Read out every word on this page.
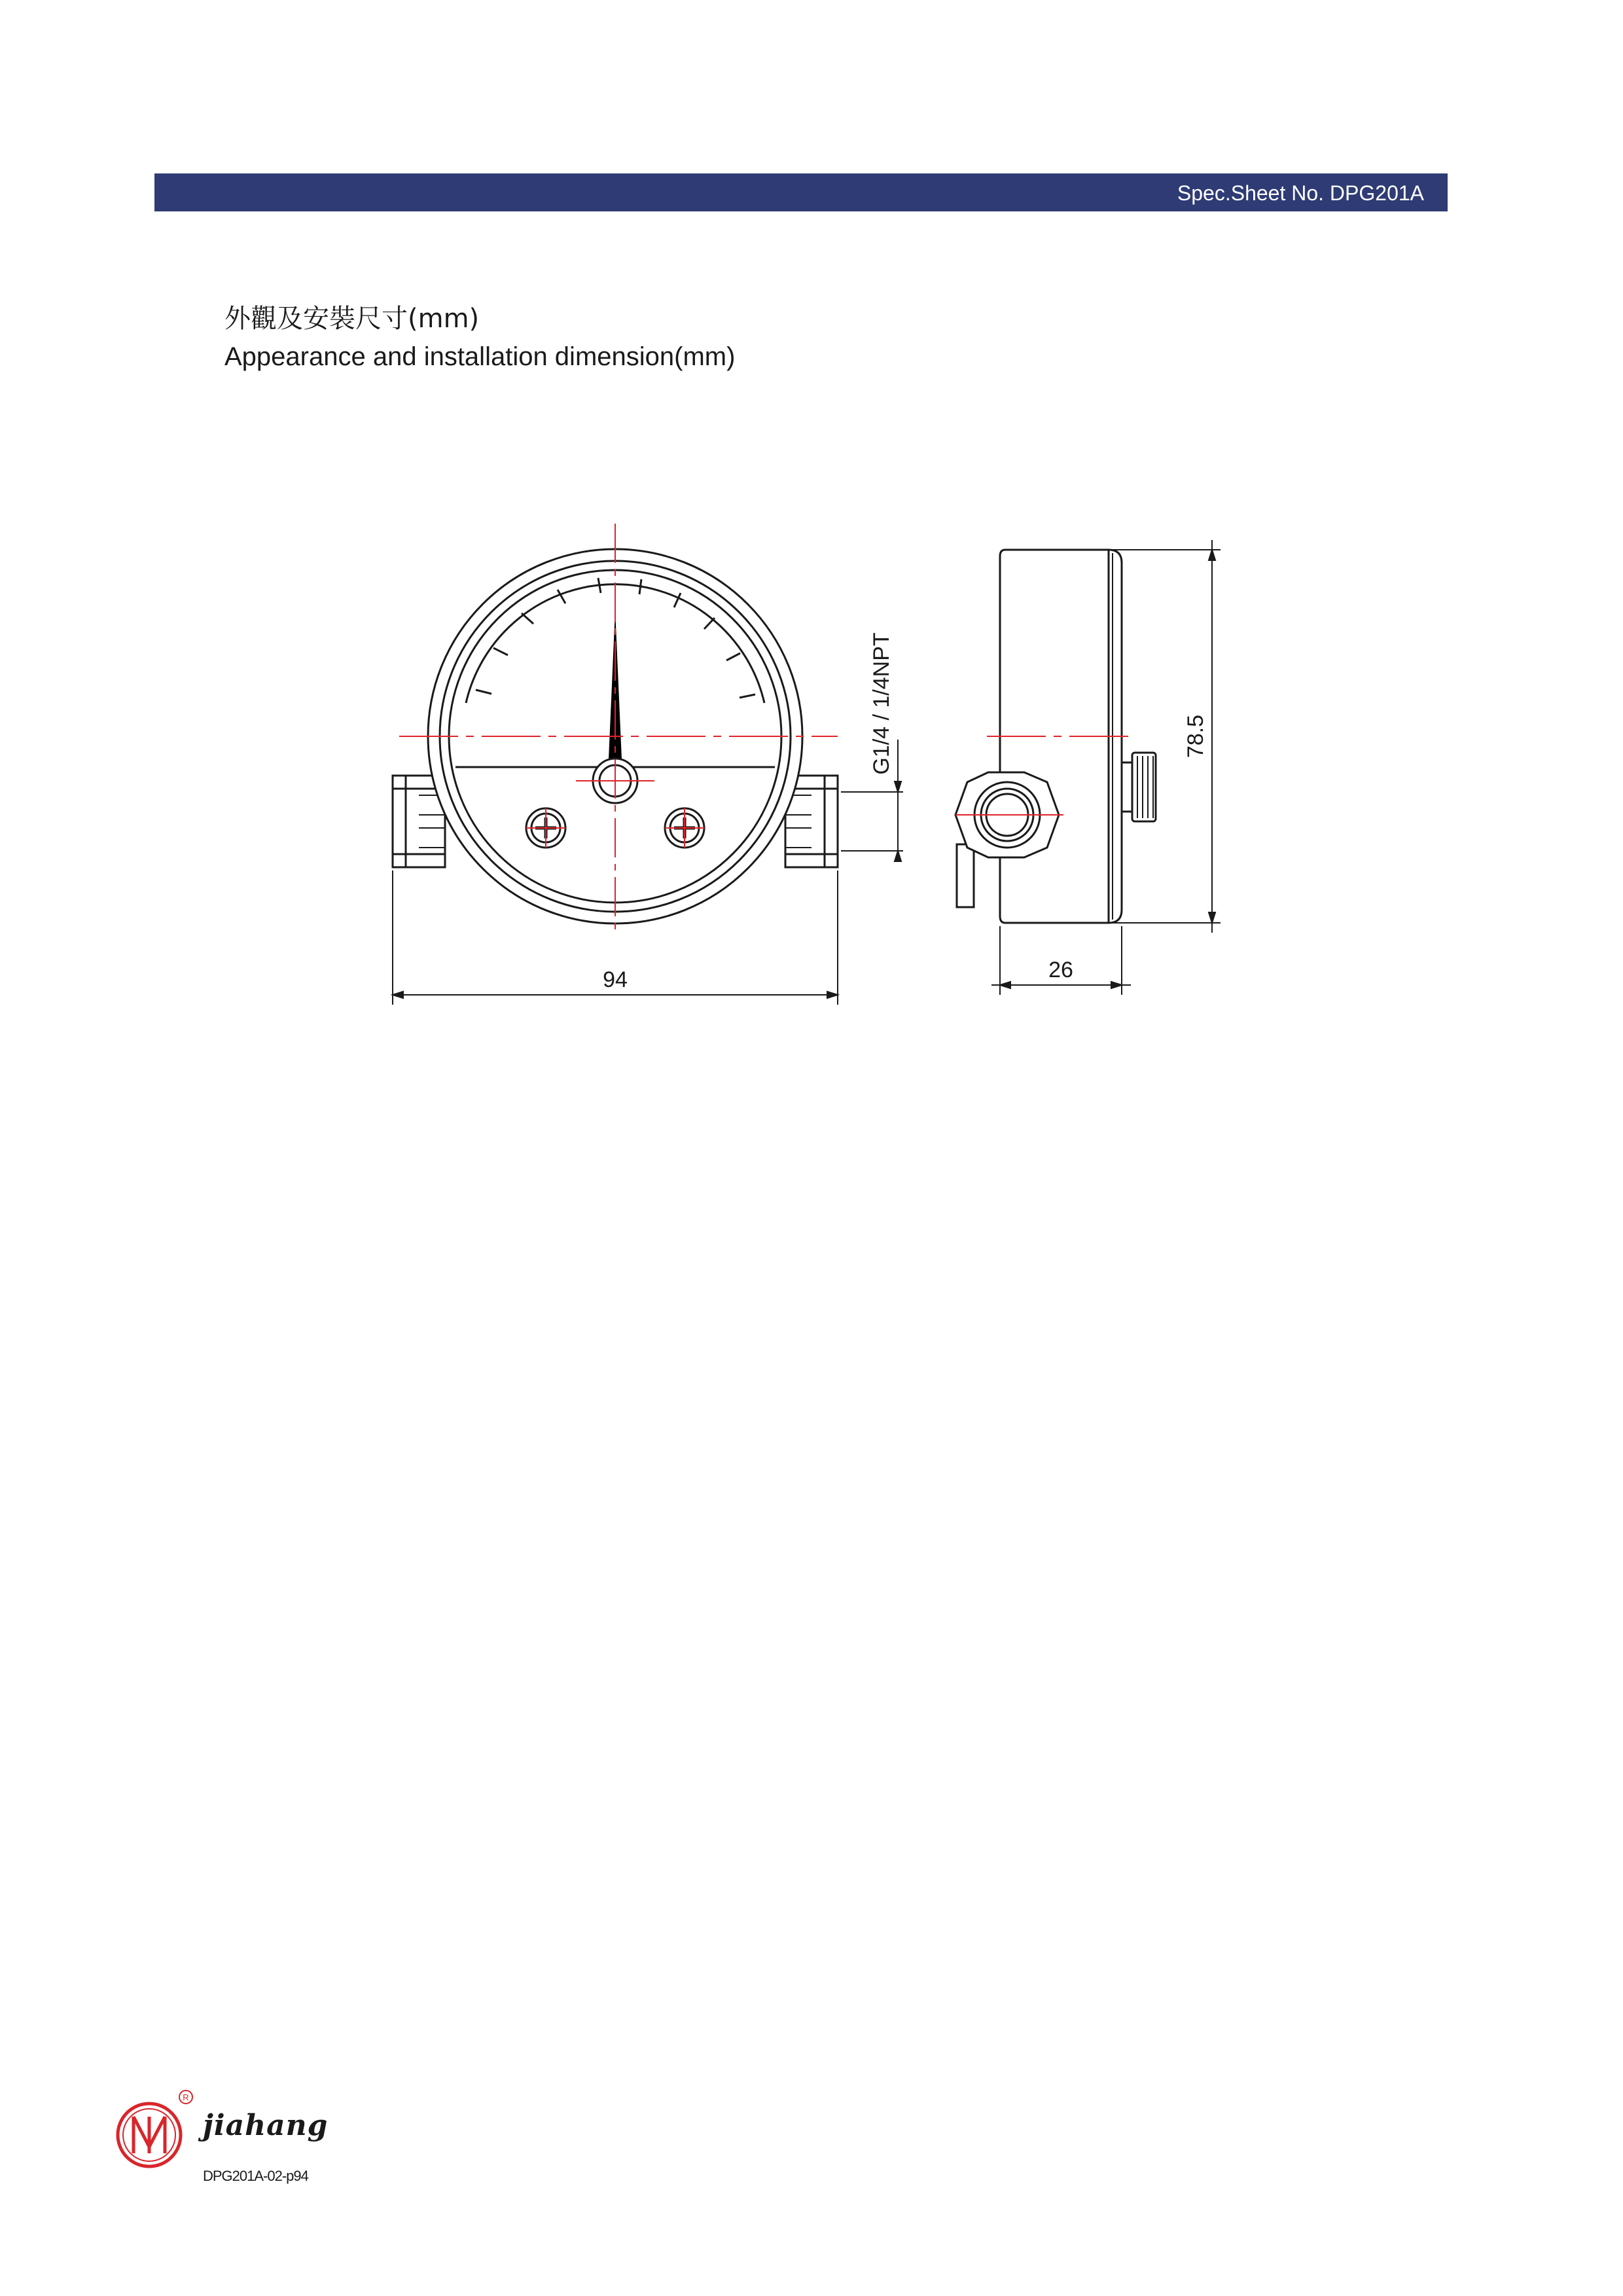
Spec.Sheet No. DPG201A
外觀及安裝尺寸(mm)
Appearance and installation dimension(mm)
94
G1/4 / 1/4NPT	78.5
26
R
jiahang
DPG201A-02-p94
